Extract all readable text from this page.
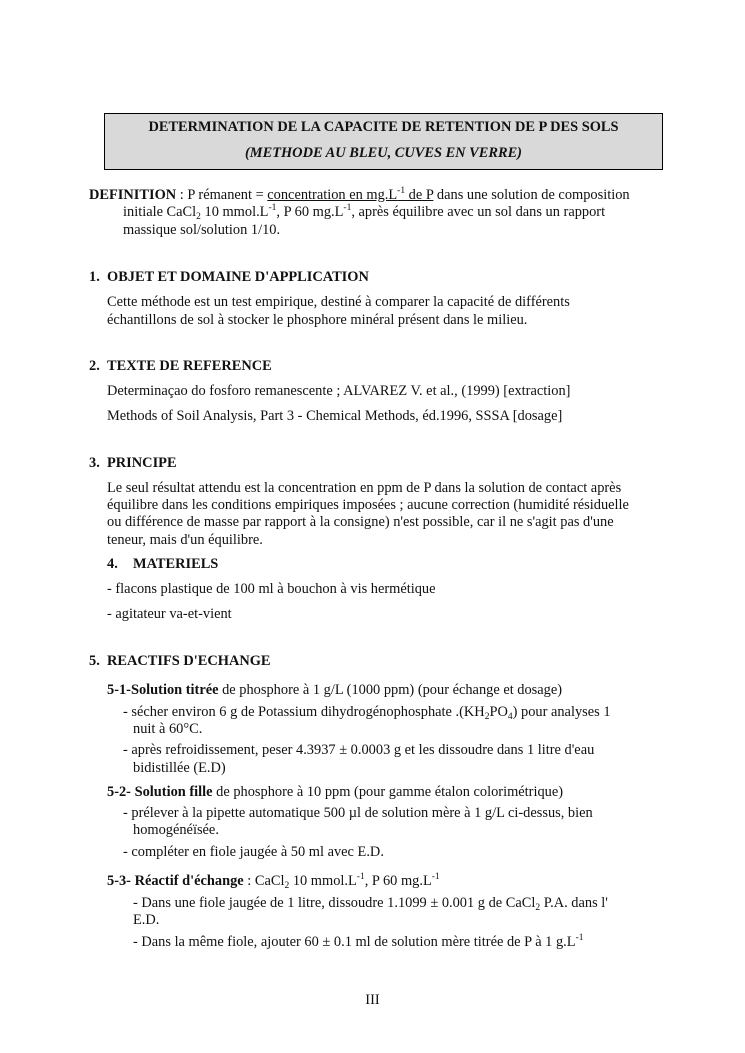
DETERMINATION DE LA CAPACITE DE RETENTION DE P DES SOLS
(METHODE AU BLEU, CUVES EN VERRE)
DEFINITION : P rémanent = concentration en $mg.L^{-1}$ de P dans une solution de composition
initiale CaCl$_2$ 10 $mmol.L^{-1}$, P 60 $mg.L^{-1}$, après équilibre avec un sol dans un rapport
massique sol/solution 1/10.
1. OBJET ET DOMAINE D'APPLICATION
Cette méthode est un test empirique, destiné à comparer la capacité de différents
échantillons de sol à stocker le phosphore minéral présent dans le milieu.
2. TEXTE DE REFERENCE
Determinaçao do fosforo remanescente ; ALVAREZ V. et al., (1999) [extraction]
Methods of Soil Analysis, Part 3 - Chemical Methods, éd.1996, SSSA [dosage]
3. PRINCIPE
Le seul résultat attendu est la concentration en ppm de P dans la solution de contact après
équilibre dans les conditions empiriques imposées ; aucune correction (humidité résiduelle
ou différence de masse par rapport à la consigne) n'est possible, car il ne s'agit pas d'une
teneur, mais d'un équilibre.
4. MATERIELS
- flacons plastique de 100 ml à bouchon à vis hermétique
- agitateur va-et-vient
5. REACTIFS D'ECHANGE
5-1-Solution titrée de phosphore à 1 g/L (1000 ppm) (pour échange et dosage)
- sécher environ 6 g de Potassium dihydrogénophosphate $.(KH_2PO_4)$ pour analyses 1
nuit à 60°C.
- après refroidissement, peser 4.3937 ± 0.0003 g et les dissoudre dans 1 litre d'eau
bidistillée (E.D)
5-2- Solution fille de phosphore à 10 ppm (pour gamme étalon colorimétrique)
- prélever à la pipette automatique 500 µl de solution mère à 1 g/L ci-dessus, bien
homogénéïsée.
- compléter en fiole jaugée à 50 ml avec E.D.
5-3- Réactif d'échange : CaCl$_2$ 10 $mmol.L^{-1}$, P 60 $mg.L^{-1}$
- Dans une fiole jaugée de 1 litre, dissoudre 1.1099 ± 0.001 g de CaCl$_2$ P.A. dans l'
E.D.
- Dans la même fiole, ajouter 60 ± 0.1 ml de solution mère titrée de P à 1 $g.L^{-1}$
III
